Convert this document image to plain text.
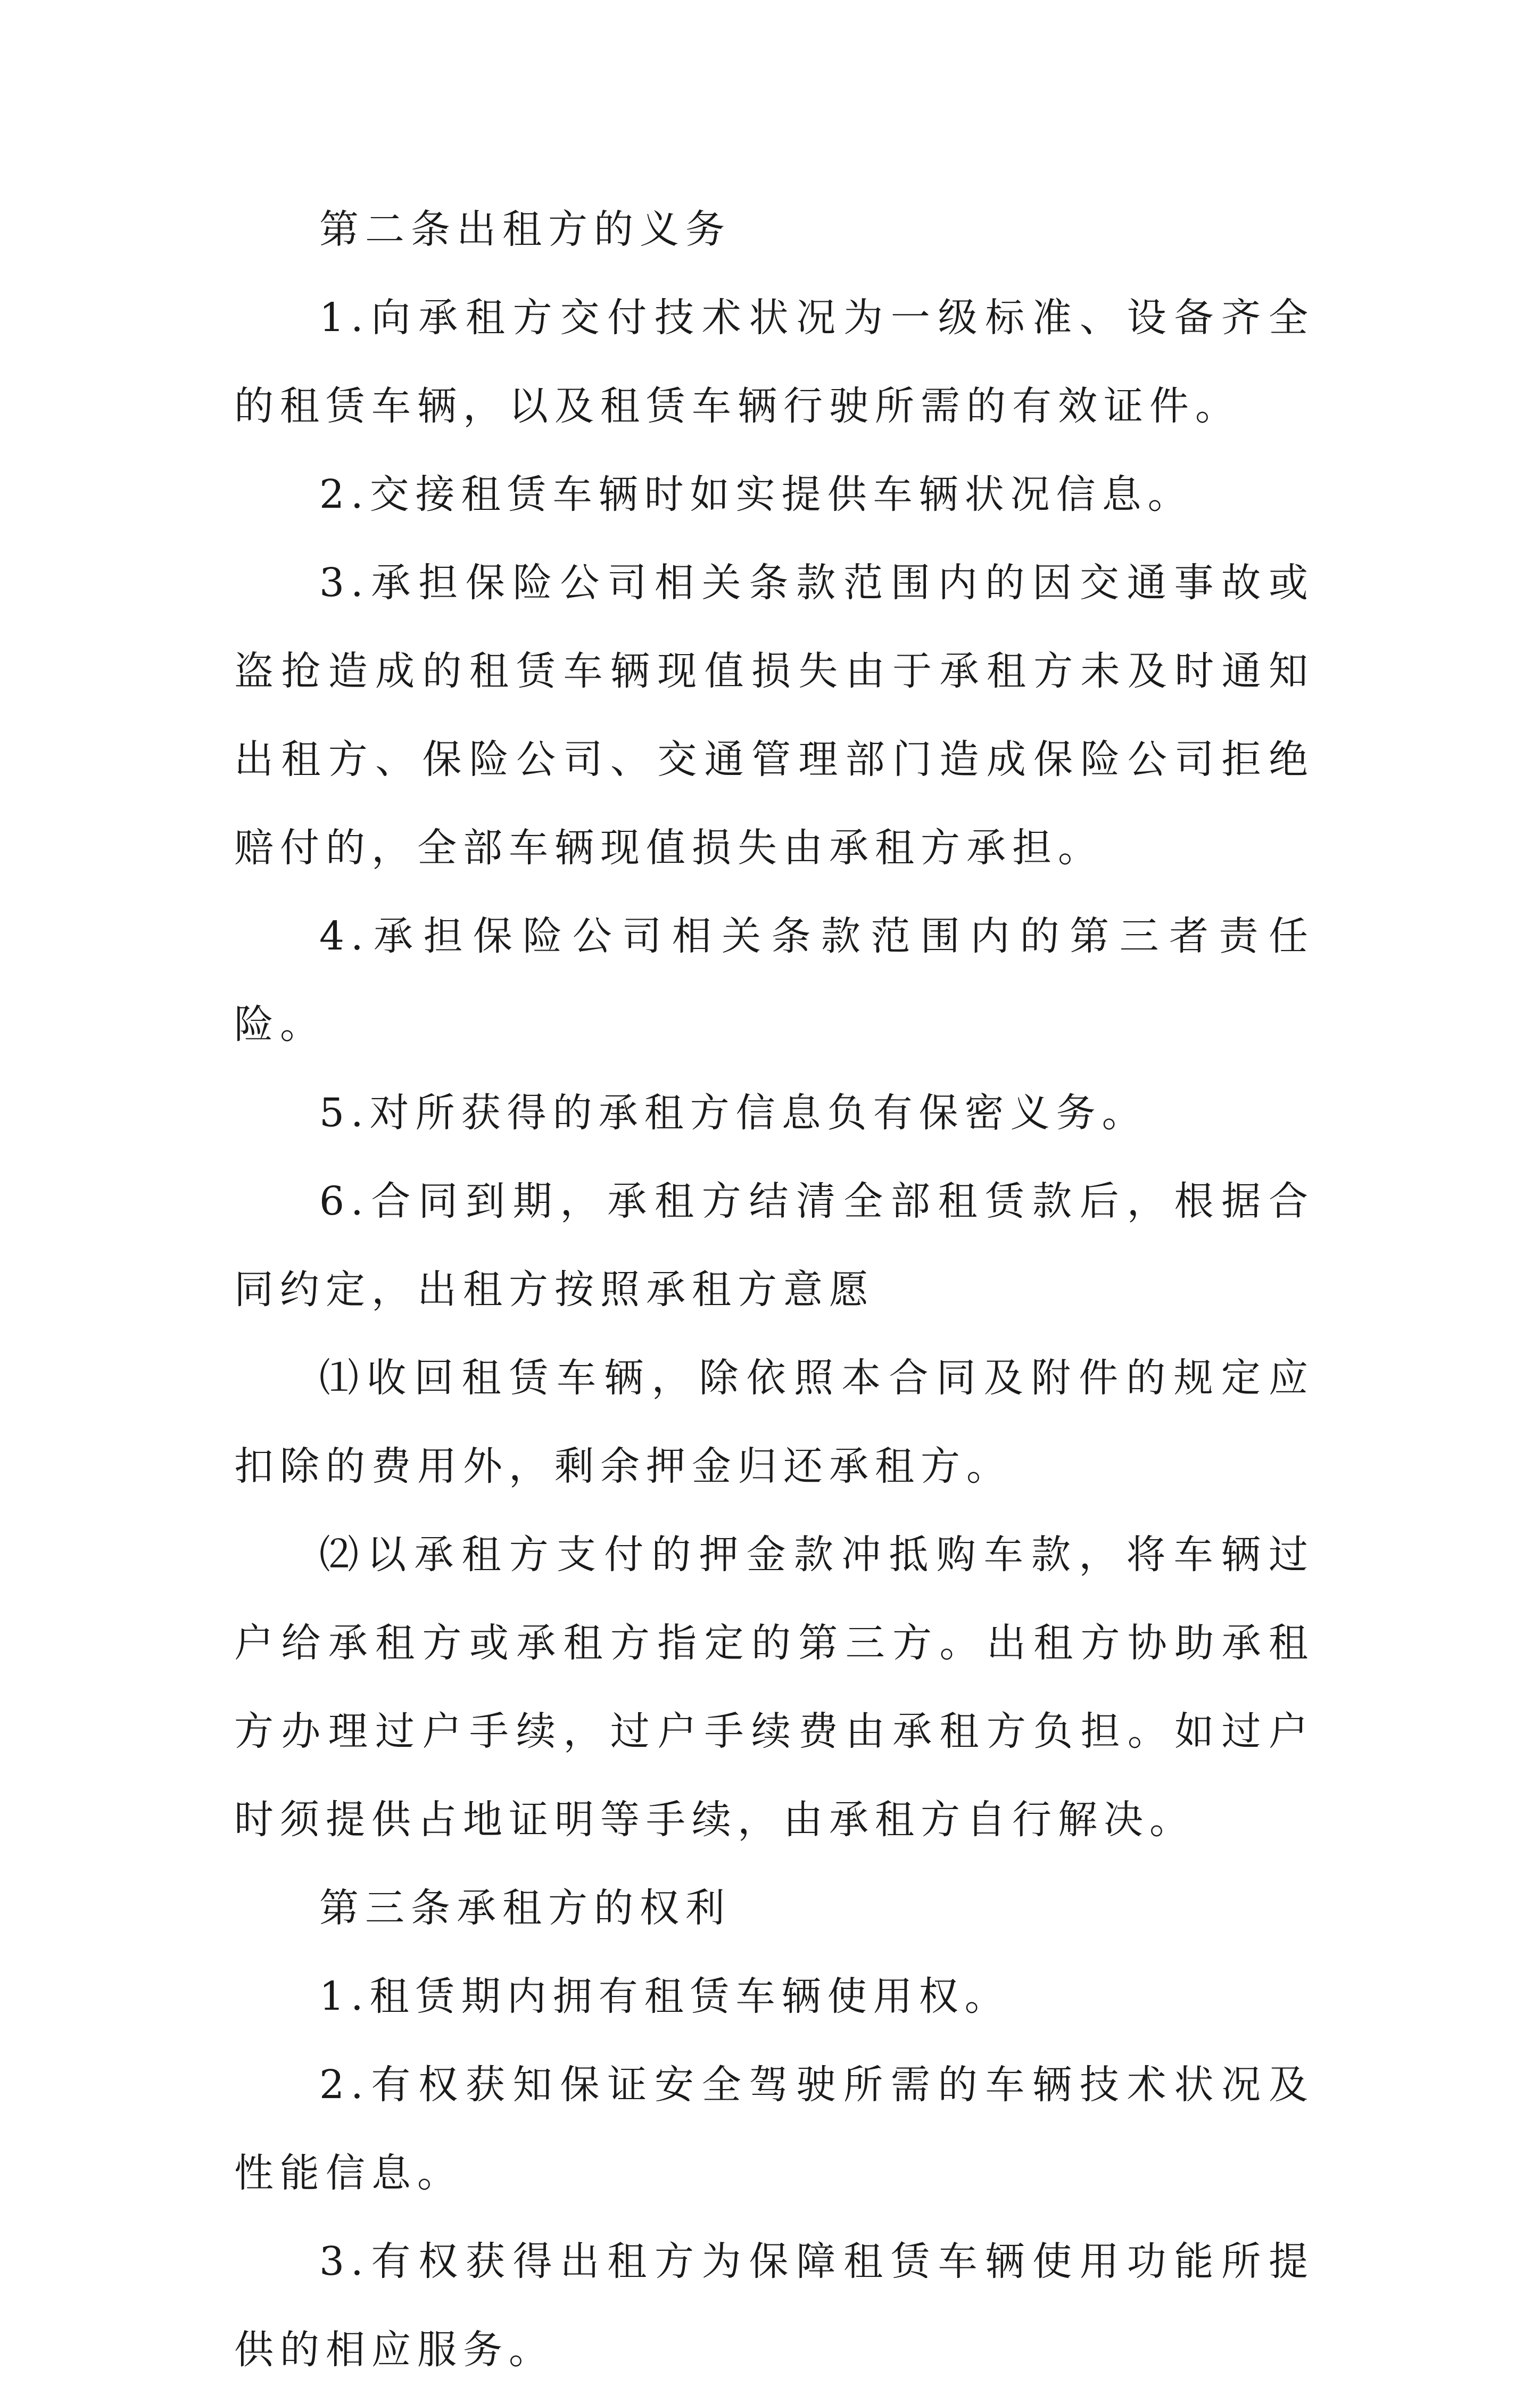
第二条出租方的义务

1.向承租方交付技术状况为一级标准、设备齐全的租赁车辆，以及租赁车辆行驶所需的有效证件。

2.交接租赁车辆时如实提供车辆状况信息。

3.承担保险公司相关条款范围内的因交通事故或盗抢造成的租赁车辆现值损失由于承租方未及时通知出租方、保险公司、交通管理部门造成保险公司拒绝赔付的，全部车辆现值损失由承租方承担。

4.承担保险公司相关条款范围内的第三者责任险。

5.对所获得的承租方信息负有保密义务。

6.合同到期，承租方结清全部租赁款后，根据合同约定，出租方按照承租方意愿

⑴收回租赁车辆，除依照本合同及附件的规定应扣除的费用外，剩余押金归还承租方。

⑵以承租方支付的押金款冲抵购车款，将车辆过户给承租方或承租方指定的第三方。出租方协助承租方办理过户手续，过户手续费由承租方负担。如过户时须提供占地证明等手续，由承租方自行解决。

第三条承租方的权利

1.租赁期内拥有租赁车辆使用权。

2.有权获知保证安全驾驶所需的车辆技术状况及性能信息。

3.有权获得出租方为保障租赁车辆使用功能所提供的相应服务。
